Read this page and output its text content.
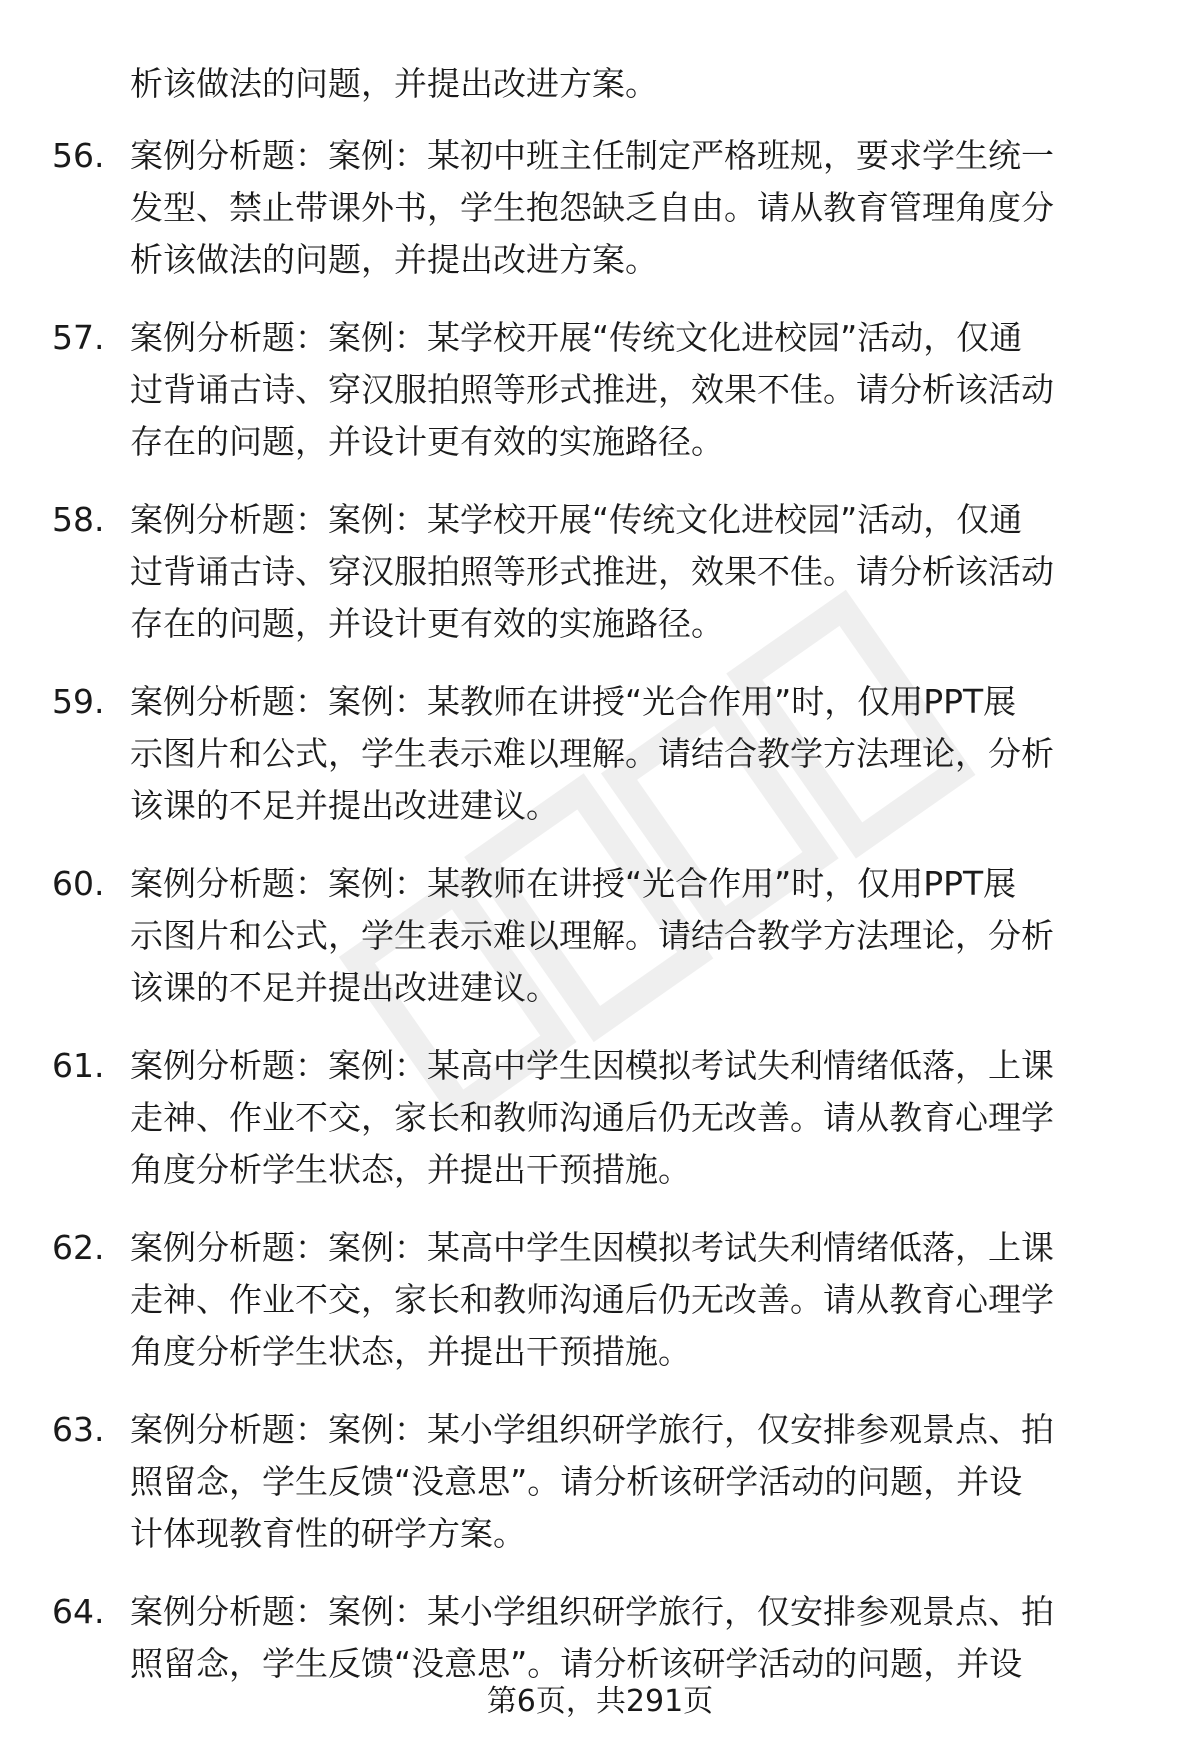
析该做法的问题，并提出改进方案。
56. 案例分析题：案例：某初中班主任制定严格班规，要求学生统一
发型、禁止带课外书，学生抱怨缺乏自由。请从教育管理角度分
析该做法的问题，并提出改进方案。
57. 案例分析题：案例：某学校开展“传统文化进校园”活动，仅通
过背诵古诗、穿汉服拍照等形式推进，效果不佳。请分析该活动
存在的问题，并设计更有效的实施路径。
58. 案例分析题：案例：某学校开展“传统文化进校园”活动，仅通
过背诵古诗、穿汉服拍照等形式推进，效果不佳。请分析该活动
存在的问题，并设计更有效的实施路径。
59. 案例分析题：案例：某教师在讲授“光合作用”时，仅用PPT展
示图片和公式，学生表示难以理解。请结合教学方法理论，分析
该课的不足并提出改进建议。
60. 案例分析题：案例：某教师在讲授“光合作用”时，仅用PPT展
示图片和公式，学生表示难以理解。请结合教学方法理论，分析
该课的不足并提出改进建议。
61. 案例分析题：案例：某高中学生因模拟考试失利情绪低落，上课
走神、作业不交，家长和教师沟通后仍无改善。请从教育心理学
角度分析学生状态，并提出干预措施。
62. 案例分析题：案例：某高中学生因模拟考试失利情绪低落，上课
走神、作业不交，家长和教师沟通后仍无改善。请从教育心理学
角度分析学生状态，并提出干预措施。
63. 案例分析题：案例：某小学组织研学旅行，仅安排参观景点、拍
照留念，学生反馈“没意思”。请分析该研学活动的问题，并设
计体现教育性的研学方案。
64. 案例分析题：案例：某小学组织研学旅行，仅安排参观景点、拍
照留念，学生反馈“没意思”。请分析该研学活动的问题，并设
第6页，共291页
